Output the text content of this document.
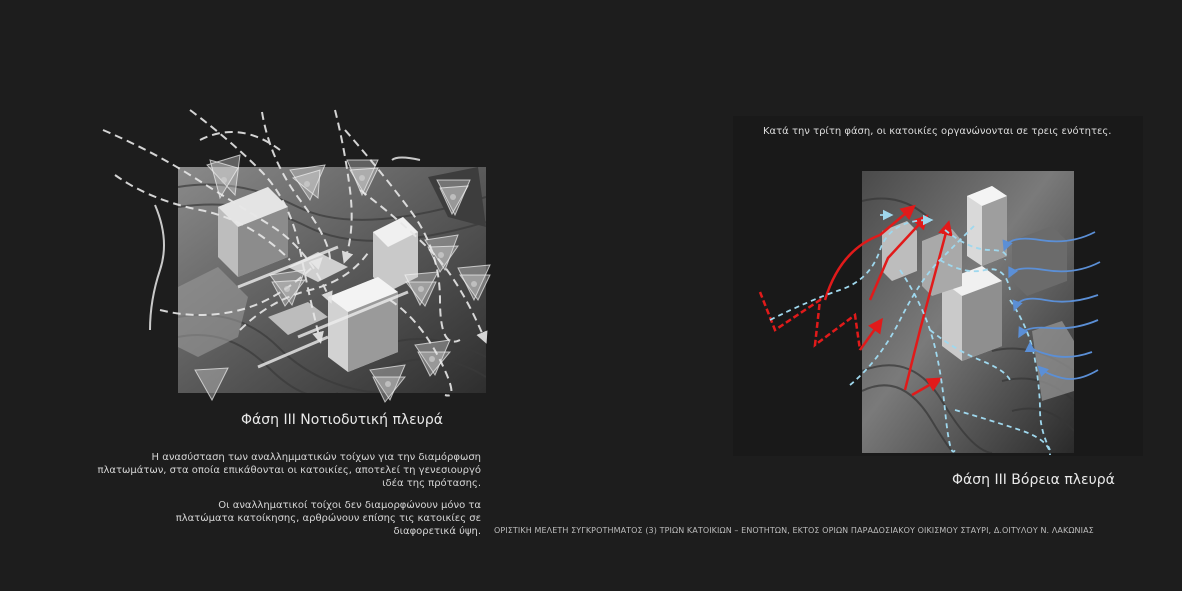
Φάση ΙΙΙ Νοτιοδυτική πλευρά

Η ανασύσταση των αναλλημματικών τοίχων για την διαμόρφωση πλατωμάτων, στα οποία επικάθονται οι κατοικίες, αποτελεί τη γενεσιουργό ιδέα της πρότασης.

Οι αναλληματικοί τοίχοι δεν διαμορφώνουν μόνο τα πλατώματα κατοίκησης, αρθρώνουν επίσης τις κατοικίες σε διαφορετικά ύψη.

Κατά την τρίτη φάση, οι κατοικίες οργανώνονται σε τρεις ενότητες.
Φάση ΙΙΙ Βόρεια πλευρά
ΟΡΙΣΤΙΚΗ ΜΕΛΕΤΗ ΣΥΓΚΡΟΤΗΜΑΤΟΣ (3) ΤΡΙΩΝ ΚΑΤΟΙΚΙΩΝ – ΕΝΟΤΗΤΩΝ, ΕΚΤΟΣ ΟΡΙΩΝ ΠΑΡΑΔΟΣΙΑΚΟΥ ΟΙΚΙΣΜΟΥ ΣΤΑΥΡΙ, Δ.ΟΙΤΥΛΟΥ Ν. ΛΑΚΩΝΙΑΣ
